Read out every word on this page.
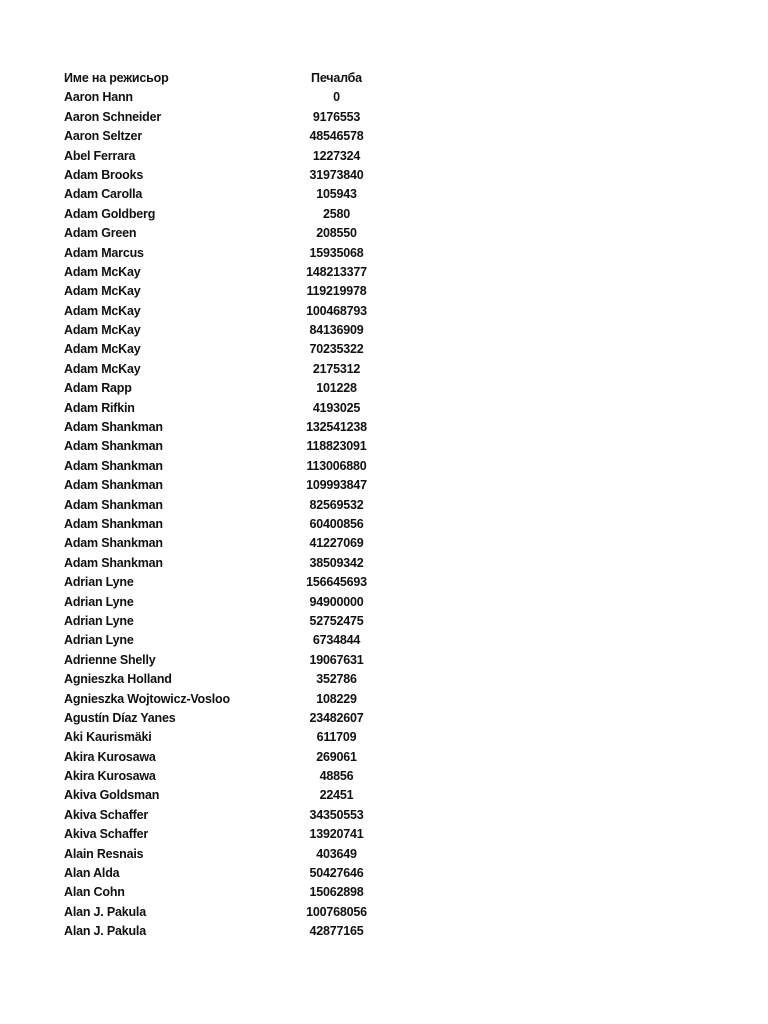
Име на режисьор	Печалба
Aaron Hann	0
Aaron Schneider	9176553
Aaron Seltzer	48546578
Abel Ferrara	1227324
Adam Brooks	31973840
Adam Carolla	105943
Adam Goldberg	2580
Adam Green	208550
Adam Marcus	15935068
Adam McKay	148213377
Adam McKay	119219978
Adam McKay	100468793
Adam McKay	84136909
Adam McKay	70235322
Adam McKay	2175312
Adam Rapp	101228
Adam Rifkin	4193025
Adam Shankman	132541238
Adam Shankman	118823091
Adam Shankman	113006880
Adam Shankman	109993847
Adam Shankman	82569532
Adam Shankman	60400856
Adam Shankman	41227069
Adam Shankman	38509342
Adrian Lyne	156645693
Adrian Lyne	94900000
Adrian Lyne	52752475
Adrian Lyne	6734844
Adrienne Shelly	19067631
Agnieszka Holland	352786
Agnieszka Wojtowicz-Vosloo	108229
Agustín Díaz Yanes	23482607
Aki Kaurismäki	611709
Akira Kurosawa	269061
Akira Kurosawa	48856
Akiva Goldsman	22451
Akiva Schaffer	34350553
Akiva Schaffer	13920741
Alain Resnais	403649
Alan Alda	50427646
Alan Cohn	15062898
Alan J. Pakula	100768056
Alan J. Pakula	42877165
